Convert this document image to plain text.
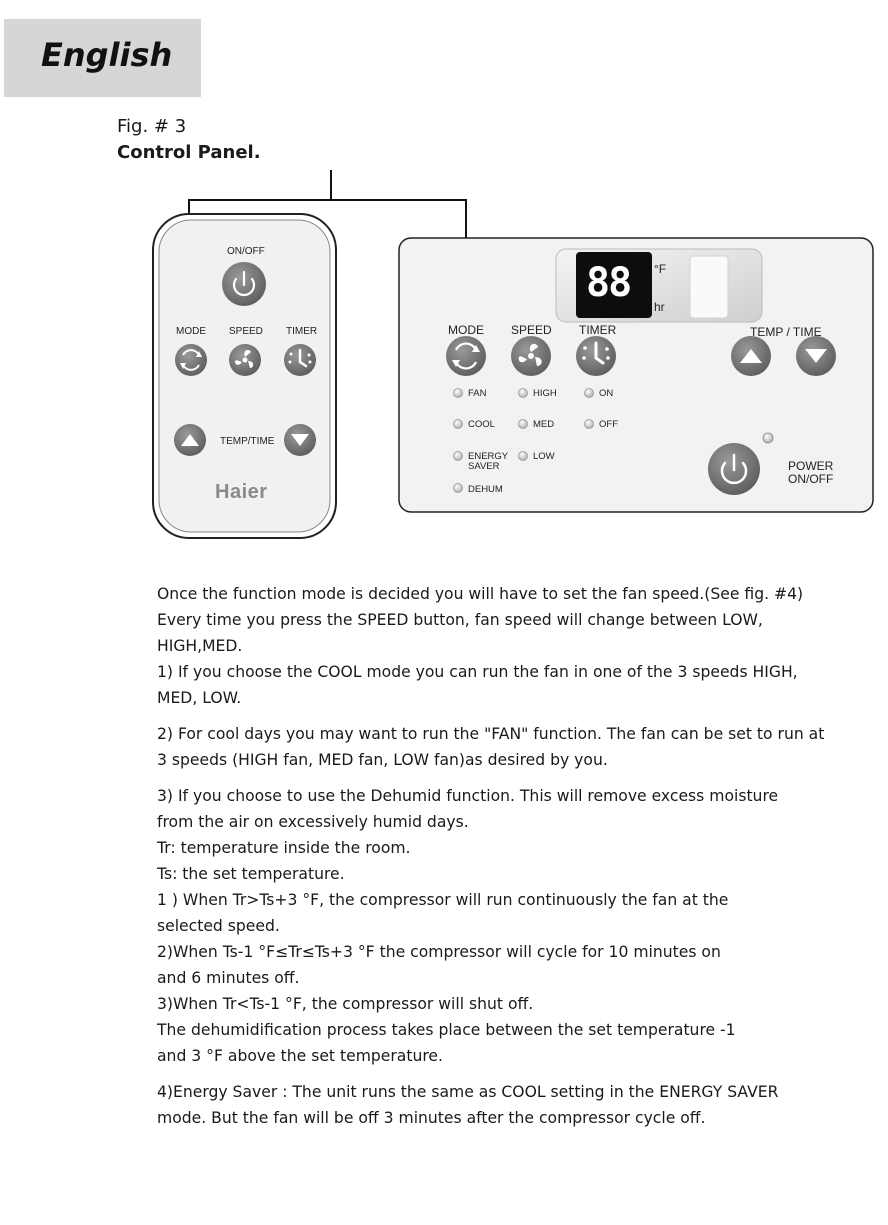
English
Fig. # 3
Control Panel.
ON/OFF
MODE SPEED TIMER
TEMP/TIME
Haier
88 °F
hr
MODE SPEED TIMER	TEMP / TIME
POWER
ON/OFF
FAN
COOL
ENERGY
SAVER
DEHUM
HIGH
MED
LOW
ON
OFF

Once the function mode is decided you will have to set the fan speed.(See fig. #4)

Every time you press the SPEED button, fan speed will change between LOW,

HIGH,MED.

1) If you choose the COOL mode you can run the fan in one of the 3 speeds HIGH,

MED, LOW.

2) For cool days you may want to run the "FAN" function. The fan can be set to run at

3 speeds (HIGH fan, MED fan, LOW fan)as desired by you.

3) If you choose to use the Dehumid function. This will remove excess moisture

from the air on excessively humid days.

Tr: temperature inside the room.

Ts: the set temperature.

1 ) When Tr>Ts+3 °F, the compressor will run continuously the fan at the

selected speed.

2)When Ts-1 °F≤Tr≤Ts+3 °F the compressor will cycle for 10 minutes on

and 6 minutes off.

3)When Tr<Ts-1 °F, the compressor will shut off.

The dehumidification process takes place between the set temperature -1

and 3 °F above the set temperature.

4)Energy Saver : The unit runs the same as COOL setting in the ENERGY SAVER

mode. But the fan will be off 3 minutes after the compressor cycle off.
